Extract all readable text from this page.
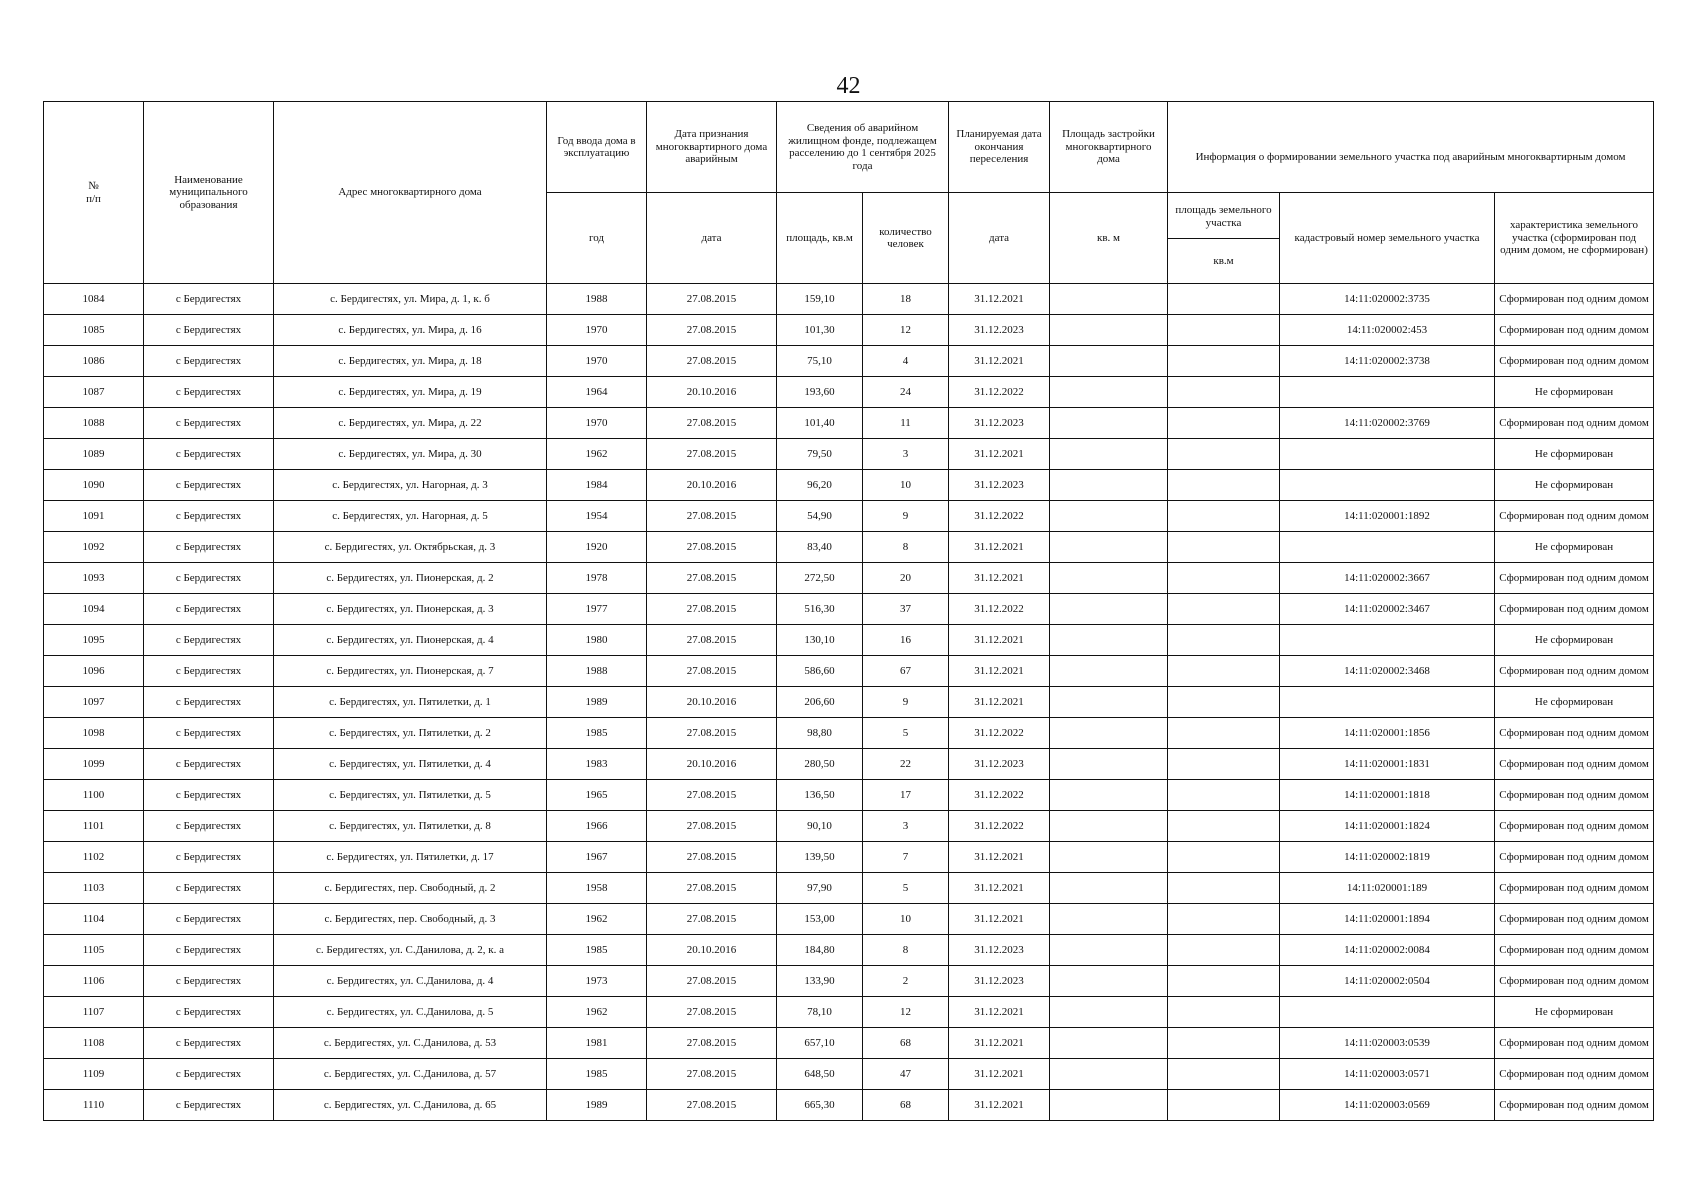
42
№
п/п	Наименование муниципального образования	Адрес многоквартирного дома	Год ввода дома в эксплуатацию	Дата признания многоквартирного дома аварийным	Сведения об аварийном жилищном фонде, подлежащем расселению до 1 сентября 2025 года		Планируемая дата окончания переселения	Площадь застройки многоквартирного дома	Информация о формировании земельного участка под аварийным многоквартирным домом		
			год	дата	площадь, кв.м	количество человек	дата	кв. м	площадь земельного участка	кадастровый номер земельного участка	характеристика земельного участка (сформирован под одним домом, не сформирован)
									кв.м		
1084	с Бердигестях	с. Бердигестях, ул. Мира, д. 1, к. б	1988	27.08.2015	159,10	18	31.12.2021			14:11:020002:3735	Сформирован под одним домом
1085	с Бердигестях	с. Бердигестях, ул. Мира, д. 16	1970	27.08.2015	101,30	12	31.12.2023			14:11:020002:453	Сформирован под одним домом
1086	с Бердигестях	с. Бердигестях, ул. Мира, д. 18	1970	27.08.2015	75,10	4	31.12.2021			14:11:020002:3738	Сформирован под одним домом
1087	с Бердигестях	с. Бердигестях, ул. Мира, д. 19	1964	20.10.2016	193,60	24	31.12.2022				Не сформирован
1088	с Бердигестях	с. Бердигестях, ул. Мира, д. 22	1970	27.08.2015	101,40	11	31.12.2023			14:11:020002:3769	Сформирован под одним домом
1089	с Бердигестях	с. Бердигестях, ул. Мира, д. 30	1962	27.08.2015	79,50	3	31.12.2021				Не сформирован
1090	с Бердигестях	с. Бердигестях, ул. Нагорная, д. 3	1984	20.10.2016	96,20	10	31.12.2023				Не сформирован
1091	с Бердигестях	с. Бердигестях, ул. Нагорная, д. 5	1954	27.08.2015	54,90	9	31.12.2022			14:11:020001:1892	Сформирован под одним домом
1092	с Бердигестях	с. Бердигестях, ул. Октябрьская, д. 3	1920	27.08.2015	83,40	8	31.12.2021				Не сформирован
1093	с Бердигестях	с. Бердигестях, ул. Пионерская, д. 2	1978	27.08.2015	272,50	20	31.12.2021			14:11:020002:3667	Сформирован под одним домом
1094	с Бердигестях	с. Бердигестях, ул. Пионерская, д. 3	1977	27.08.2015	516,30	37	31.12.2022			14:11:020002:3467	Сформирован под одним домом
1095	с Бердигестях	с. Бердигестях, ул. Пионерская, д. 4	1980	27.08.2015	130,10	16	31.12.2021				Не сформирован
1096	с Бердигестях	с. Бердигестях, ул. Пионерская, д. 7	1988	27.08.2015	586,60	67	31.12.2021			14:11:020002:3468	Сформирован под одним домом
1097	с Бердигестях	с. Бердигестях, ул. Пятилетки, д. 1	1989	20.10.2016	206,60	9	31.12.2021				Не сформирован
1098	с Бердигестях	с. Бердигестях, ул. Пятилетки, д. 2	1985	27.08.2015	98,80	5	31.12.2022			14:11:020001:1856	Сформирован под одним домом
1099	с Бердигестях	с. Бердигестях, ул. Пятилетки, д. 4	1983	20.10.2016	280,50	22	31.12.2023			14:11:020001:1831	Сформирован под одним домом
1100	с Бердигестях	с. Бердигестях, ул. Пятилетки, д. 5	1965	27.08.2015	136,50	17	31.12.2022			14:11:020001:1818	Сформирован под одним домом
1101	с Бердигестях	с. Бердигестях, ул. Пятилетки, д. 8	1966	27.08.2015	90,10	3	31.12.2022			14:11:020001:1824	Сформирован под одним домом
1102	с Бердигестях	с. Бердигестях, ул. Пятилетки, д. 17	1967	27.08.2015	139,50	7	31.12.2021			14:11:020002:1819	Сформирован под одним домом
1103	с Бердигестях	с. Бердигестях, пер. Свободный, д. 2	1958	27.08.2015	97,90	5	31.12.2021			14:11:020001:189	Сформирован под одним домом
1104	с Бердигестях	с. Бердигестях, пер. Свободный, д. 3	1962	27.08.2015	153,00	10	31.12.2021			14:11:020001:1894	Сформирован под одним домом
1105	с Бердигестях	с. Бердигестях, ул. С.Данилова, д. 2, к. а	1985	20.10.2016	184,80	8	31.12.2023			14:11:020002:0084	Сформирован под одним домом
1106	с Бердигестях	с. Бердигестях, ул. С.Данилова, д. 4	1973	27.08.2015	133,90	2	31.12.2023			14:11:020002:0504	Сформирован под одним домом
1107	с Бердигестях	с. Бердигестях, ул. С.Данилова, д. 5	1962	27.08.2015	78,10	12	31.12.2021				Не сформирован
1108	с Бердигестях	с. Бердигестях, ул. С.Данилова, д. 53	1981	27.08.2015	657,10	68	31.12.2021			14:11:020003:0539	Сформирован под одним домом
1109	с Бердигестях	с. Бердигестях, ул. С.Данилова, д. 57	1985	27.08.2015	648,50	47	31.12.2021			14:11:020003:0571	Сформирован под одним домом
1110	с Бердигестях	с. Бердигестях, ул. С.Данилова, д. 65	1989	27.08.2015	665,30	68	31.12.2021			14:11:020003:0569	Сформирован под одним домом
